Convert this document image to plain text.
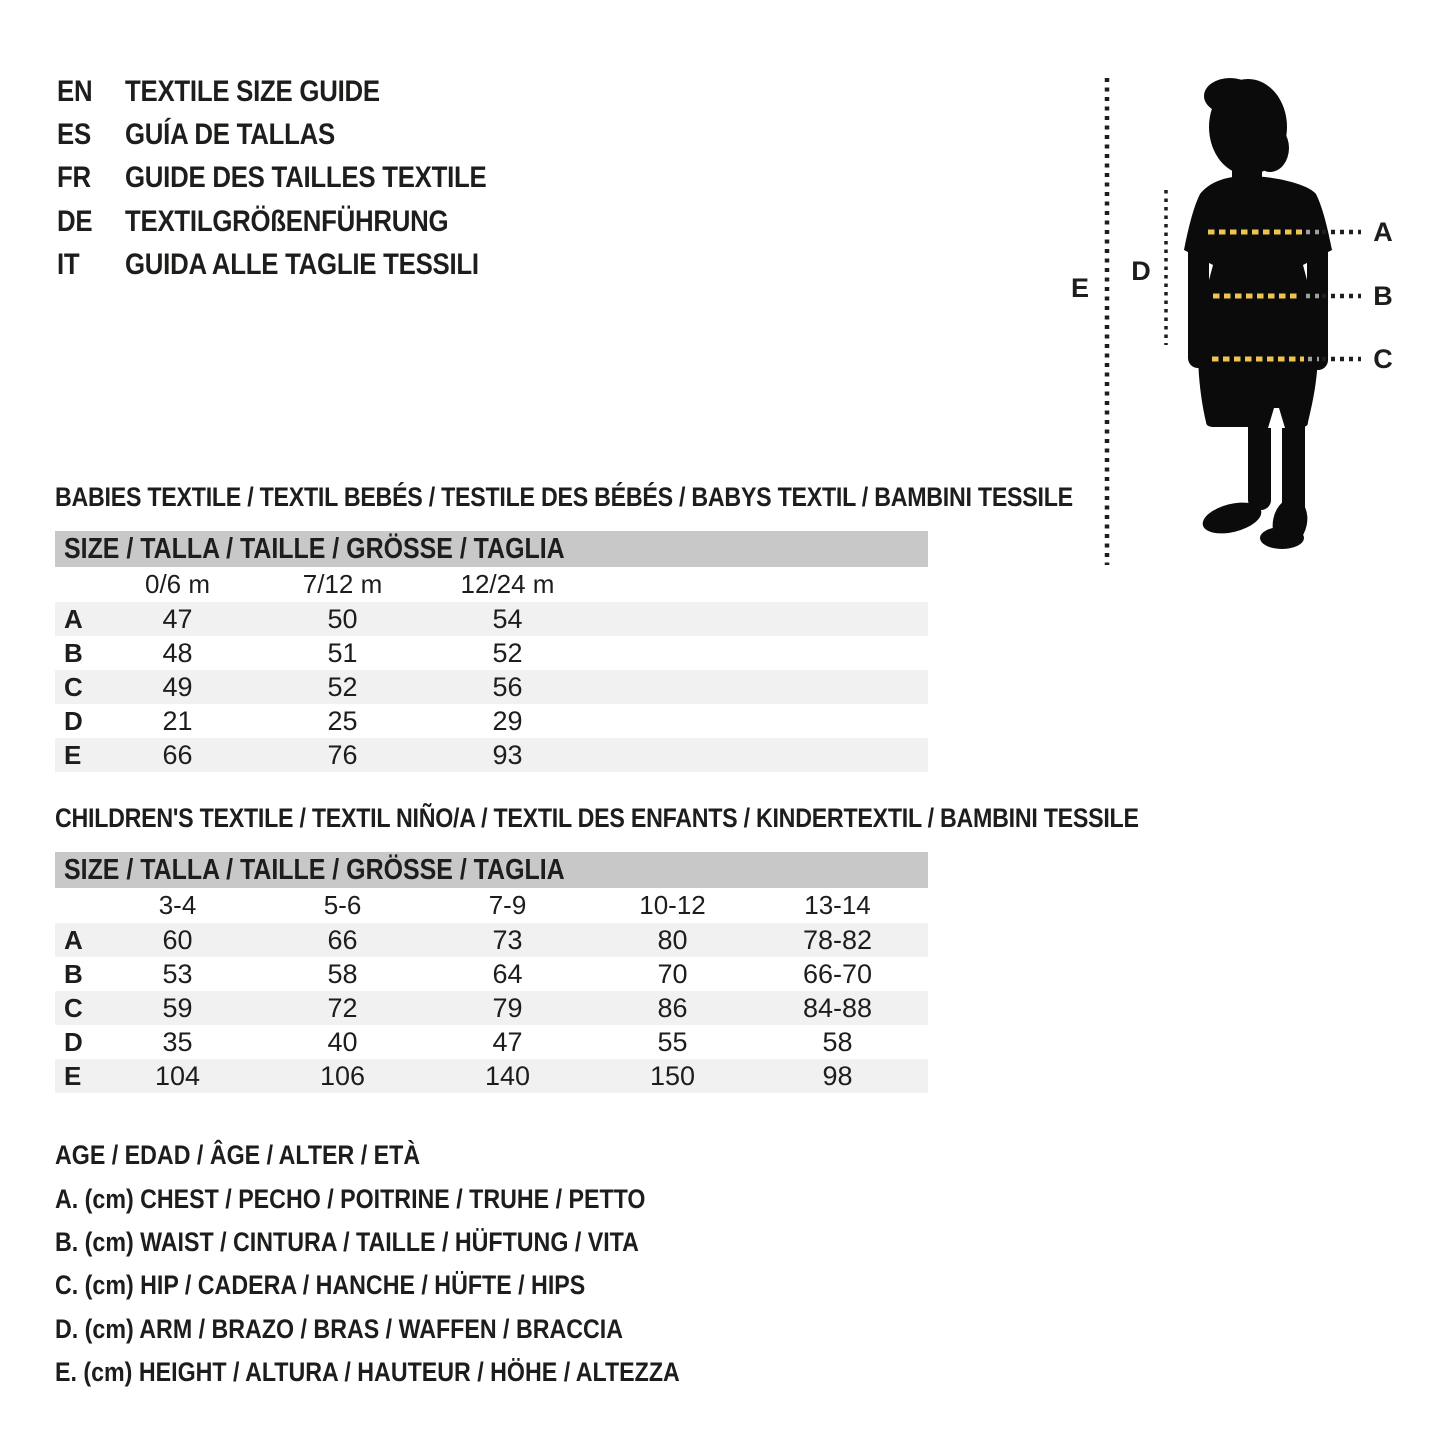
EN	TEXTILE SIZE GUIDE
ES	GUÍA DE TALLAS
FR	GUIDE DES TAILLES TEXTILE
DE	TEXTILGRÖßENFÜHRUNG
IT	GUIDA ALLE TAGLIE TESSILI
E
D
A
B
C
BABIES TEXTILE / TEXTIL BEBÉS / TESTILE DES BÉBÉS / BABYS TEXTIL / BAMBINI TESSILE
SIZE / TALLA / TAILLE / GRÖSSE / TAGLIA
0/6 m	7/12 m	12/24 m
A	47	50	54
B	48	51	52
C	49	52	56
D	21	25	29
E	66	76	93
CHILDREN'S TEXTILE / TEXTIL NIÑO/A / TEXTIL DES ENFANTS / KINDERTEXTIL / BAMBINI TESSILE
SIZE / TALLA / TAILLE / GRÖSSE / TAGLIA
3-4	5-6	7-9	10-12	13-14
A	60	66	73	80	78-82
B	53	58	64	70	66-70
C	59	72	79	86	84-88
D	35	40	47	55	58
E	104	106	140	150	98
AGE / EDAD / ÂGE / ALTER / ETÀ
A. (cm) CHEST / PECHO / POITRINE / TRUHE / PETTO
B. (cm) WAIST / CINTURA / TAILLE / HÜFTUNG / VITA
C. (cm) HIP / CADERA / HANCHE / HÜFTE / HIPS
D. (cm) ARM / BRAZO / BRAS / WAFFEN / BRACCIA
E. (cm) HEIGHT / ALTURA / HAUTEUR / HÖHE / ALTEZZA
